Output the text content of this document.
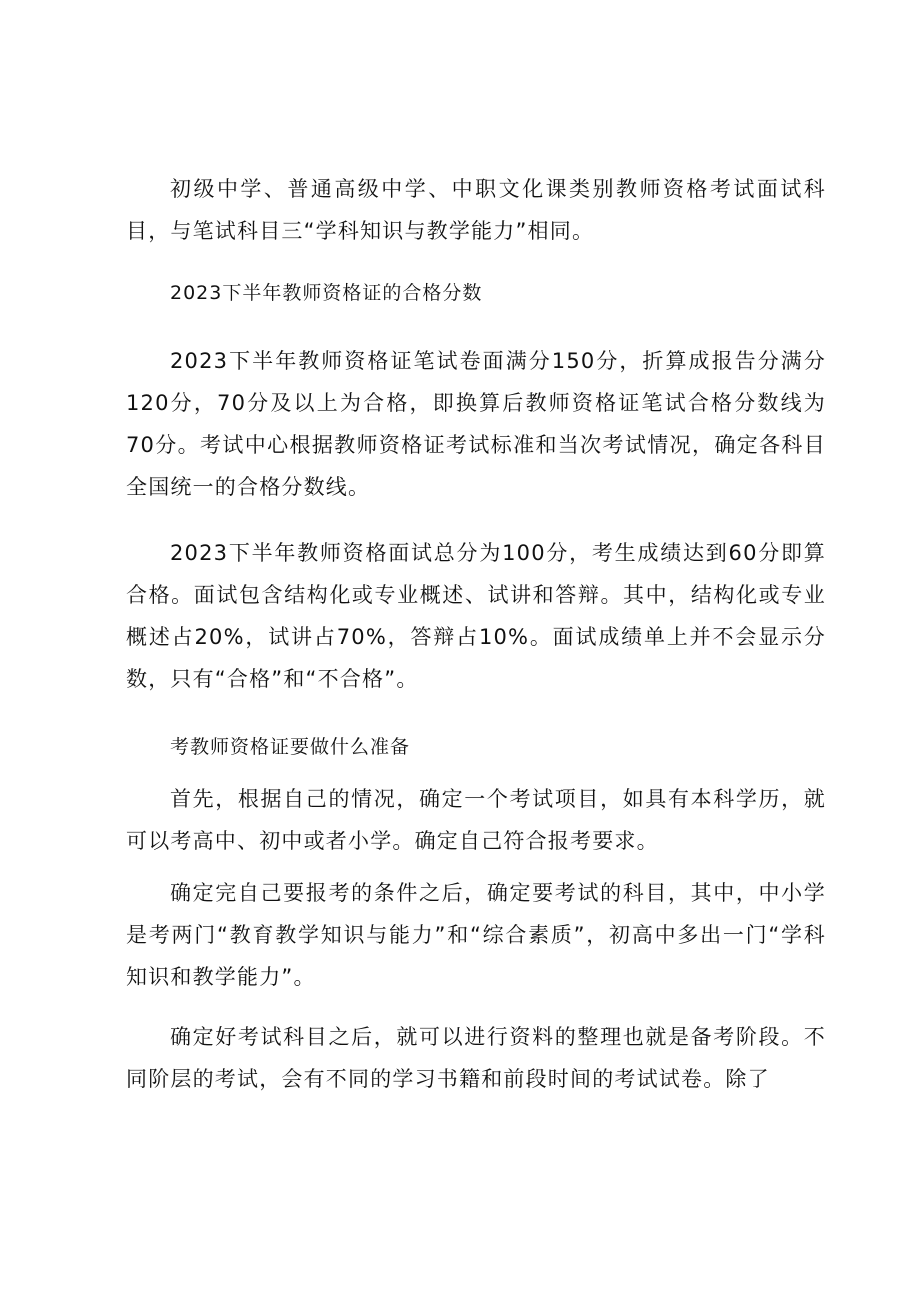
初级中学、普通高级中学、中职文化课类别教师资格考试面试科目，与笔试科目三“学科知识与教学能力”相同。

2023下半年教师资格证的合格分数

2023下半年教师资格证笔试卷面满分150分，折算成报告分满分120分，70分及以上为合格，即换算后教师资格证笔试合格分数线为70分。考试中心根据教师资格证考试标准和当次考试情况，确定各科目全国统一的合格分数线。

2023下半年教师资格面试总分为100分，考生成绩达到60分即算合格。面试包含结构化或专业概述、试讲和答辩。其中，结构化或专业概述占20%，试讲占70%，答辩占10%。面试成绩单上并不会显示分数，只有“合格”和“不合格”。

考教师资格证要做什么准备

首先，根据自己的情况，确定一个考试项目，如具有本科学历，就可以考高中、初中或者小学。确定自己符合报考要求。

确定完自己要报考的条件之后，确定要考试的科目，其中，中小学是考两门“教育教学知识与能力”和“综合素质”，初高中多出一门“学科知识和教学能力”。

确定好考试科目之后，就可以进行资料的整理也就是备考阶段。不同阶层的考试，会有不同的学习书籍和前段时间的考试试卷。除了
